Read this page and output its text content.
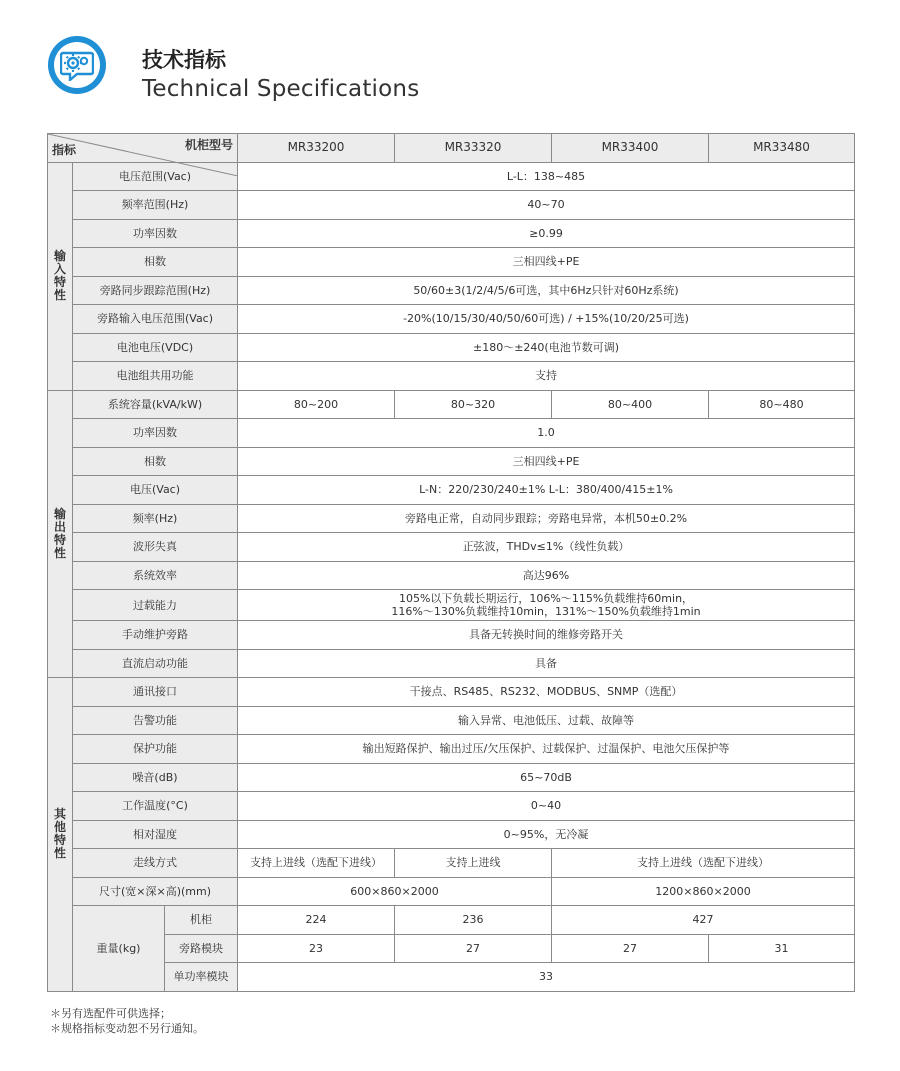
技术指标
Technical Specifications
机柜型号
指标			MR33200	MR33320	MR33400	MR33480

输
入
特
性	电压范围(Vac)		L-L：138~485			
	频率范围(Hz)		40~70			
	功率因数		≥0.99			
	相数		三相四线+PE			
	旁路同步跟踪范围(Hz)		50/60±3(1/2/4/5/6可选，其中6Hz只针对60Hz系统)			
	旁路输入电压范围(Vac)		-20%(10/15/30/40/50/60可选) / +15%(10/20/25可选)			
	电池电压(VDC)		±180～±240(电池节数可调)			
	电池组共用功能		支持			

输
出
特
性	系统容量(kVA/kW)		80~200	80~320	80~400	80~480
	功率因数		1.0			
	相数		三相四线+PE			
	电压(Vac)		L-N：220/230/240±1% L-L：380/400/415±1%			
	频率(Hz)		旁路电正常，自动同步跟踪；旁路电异常，本机50±0.2%			
	波形失真		正弦波，THDv≤1%（线性负载）			
	系统效率		高达96%			
	过载能力		105%以下负载长期运行，106%～115%负载维持60min，
116%～130%负载维持10min，131%～150%负载维持1min			

	手动维护旁路		具备无转换时间的维修旁路开关			
	直流启动功能		具备			

其
他
特
性	通讯接口		干接点、RS485、RS232、MODBUS、SNMP（选配）			
	告警功能		输入异常、电池低压、过载、故障等			
	保护功能		输出短路保护、输出过压/欠压保护、过载保护、过温保护、电池欠压保护等			
	噪音(dB)		65~70dB			
	工作温度(°C)		0~40			
	相对湿度		0~95%，无冷凝			
	走线方式		支持上进线（选配下进线）	支持上进线	支持上进线（选配下进线）	
	尺寸(宽×深×高)(mm)		600×860×2000		1200×860×2000	
	重量(kg)	机柜	224	236	427	
		旁路模块	23	27	27	31
		单功率模块	33			
＊另有选配件可供选择；
＊规格指标变动恕不另行通知。
